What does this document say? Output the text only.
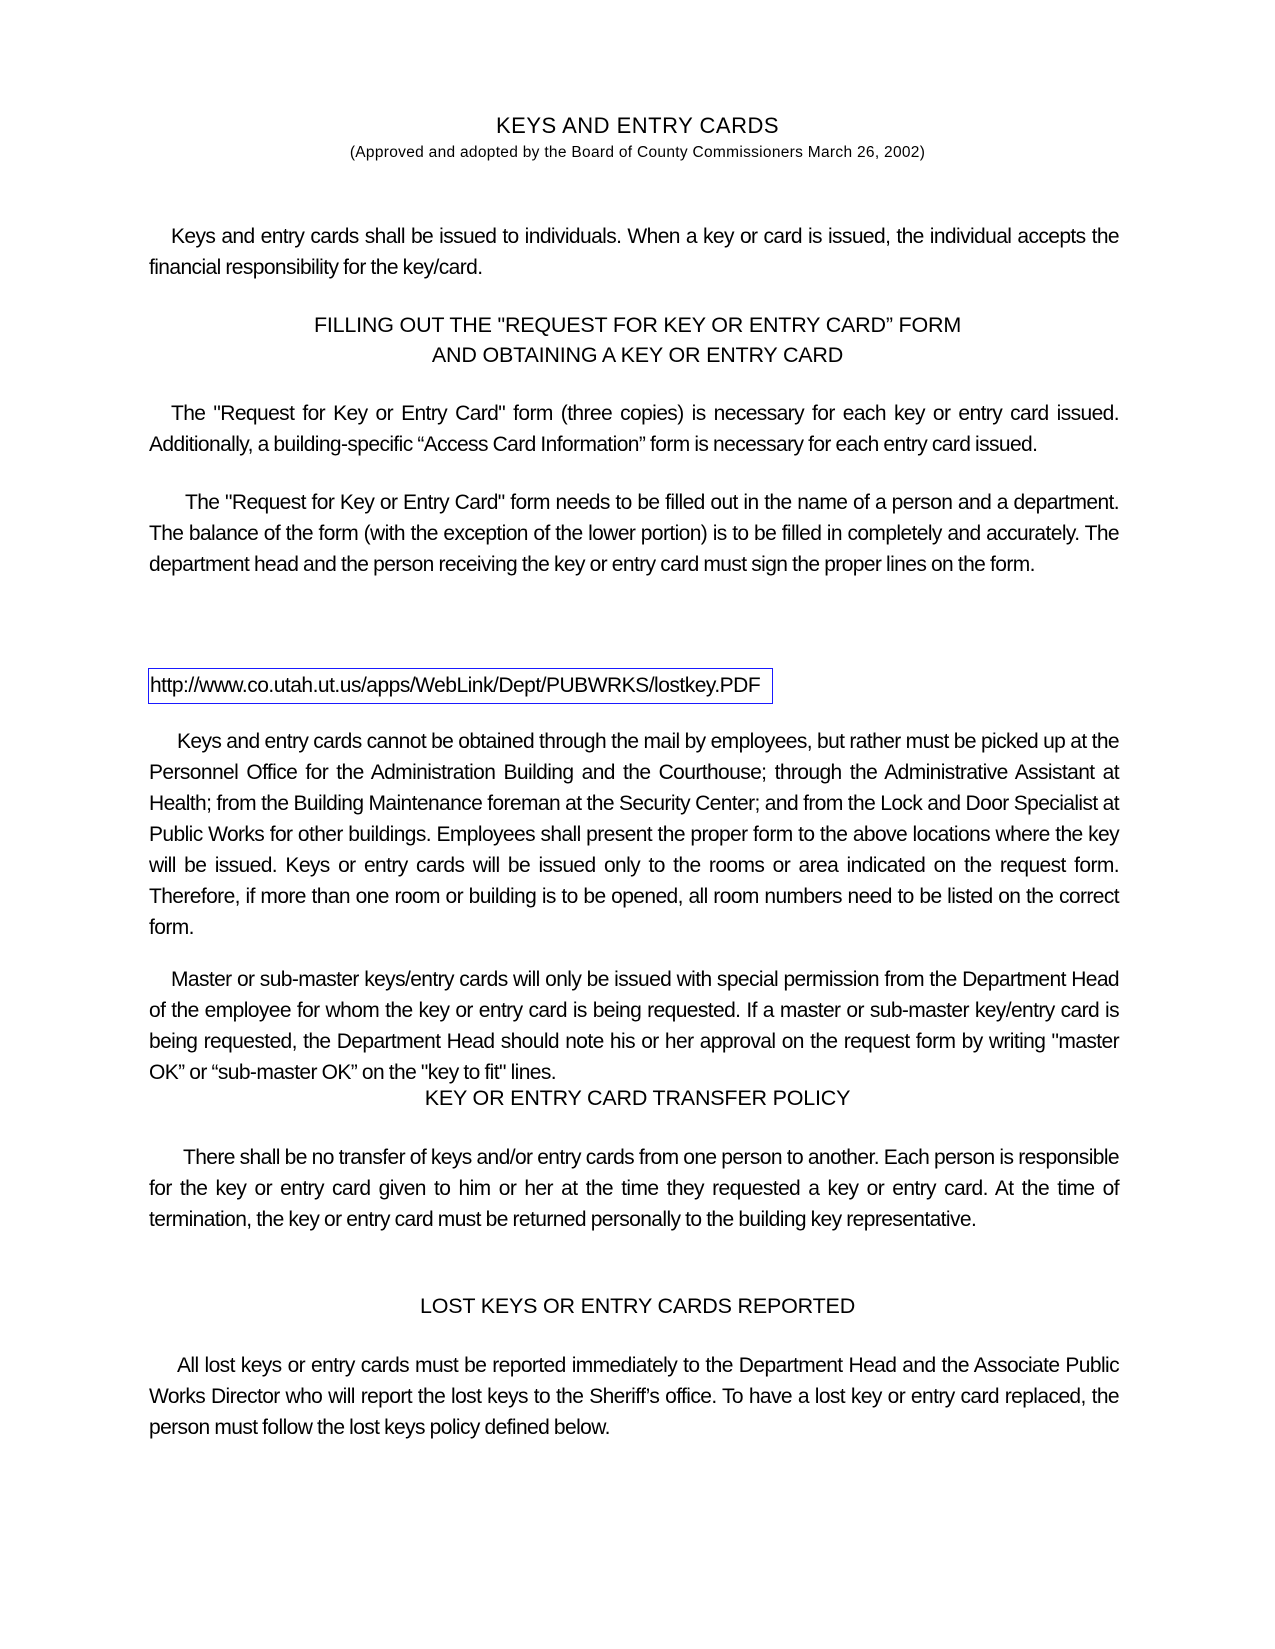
KEYS AND ENTRY CARDS
(Approved and adopted by the Board of County Commissioners March 26, 2002)
Keys and entry cards shall be issued to individuals. When a key or card is issued, the individual accepts the financial responsibility for the key/card.
FILLING OUT THE "REQUEST FOR KEY OR ENTRY CARD” FORM
AND OBTAINING A KEY OR ENTRY CARD
The "Request for Key or Entry Card" form (three copies) is necessary for each key or entry card issued. Additionally, a building-specific “Access Card Information” form is necessary for each entry card issued.
The "Request for Key or Entry Card" form needs to be filled out in the name of a person and a department. The balance of the form (with the exception of the lower portion) is to be filled in completely and accurately. The department head and the person receiving the key or entry card must sign the proper lines on the form.
http://www.co.utah.ut.us/apps/WebLink/Dept/PUBWRKS/lostkey.PDF
Keys and entry cards cannot be obtained through the mail by employees, but rather must be picked up at the Personnel Office for the Administration Building and the Courthouse; through the Administrative Assistant at Health; from the Building Maintenance foreman at the Security Center; and from the Lock and Door Specialist at Public Works for other buildings. Employees shall present the proper form to the above locations where the key will be issued. Keys or entry cards will be issued only to the rooms or area indicated on the request form. Therefore, if more than one room or building is to be opened, all room numbers need to be listed on the correct form.
Master or sub-master keys/entry cards will only be issued with special permission from the Department Head of the employee for whom the key or entry card is being requested. If a master or sub-master key/entry card is being requested, the Department Head should note his or her approval on the request form by writing "master OK” or “sub-master OK” on the "key to fit" lines.
KEY OR ENTRY CARD TRANSFER POLICY
There shall be no transfer of keys and/or entry cards from one person to another. Each person is responsible for the key or entry card given to him or her at the time they requested a key or entry card. At the time of termination, the key or entry card must be returned personally to the building key representative.
LOST KEYS OR ENTRY CARDS REPORTED
All lost keys or entry cards must be reported immediately to the Department Head and the Associate Public Works Director who will report the lost keys to the Sheriff’s office. To have a lost key or entry card replaced, the person must follow the lost keys policy defined below.
